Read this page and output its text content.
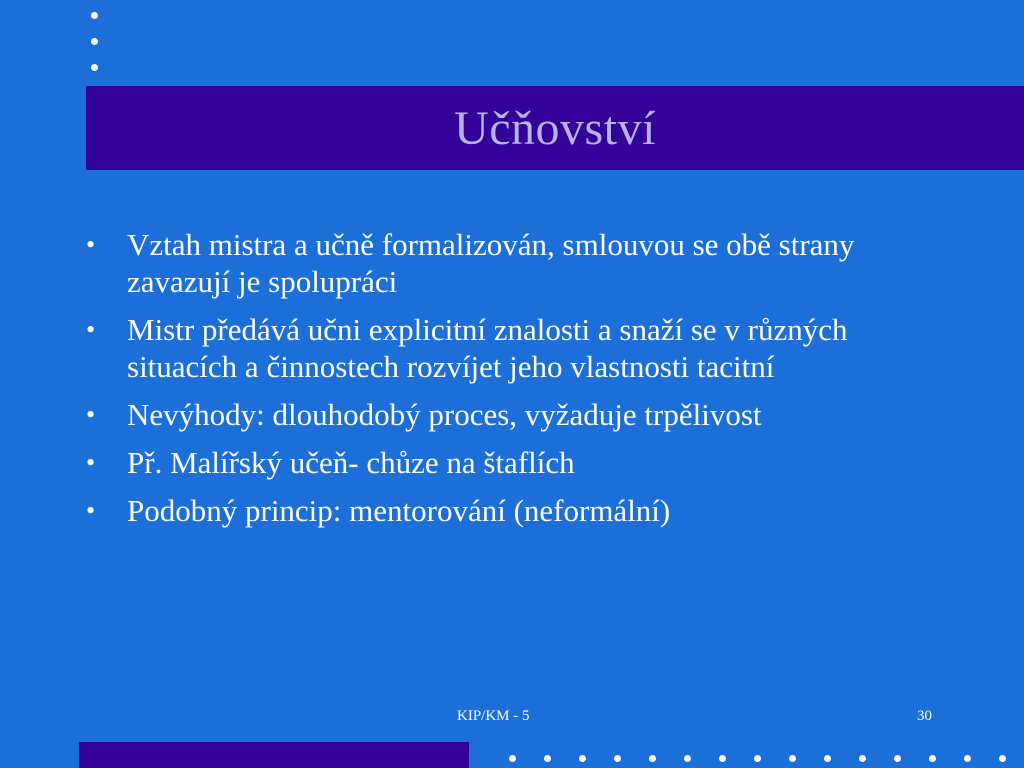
Učňovství
• Vztah mistra a učně formalizován, smlouvou se obě strany zavazují je spolupráci
• Mistr předává učni explicitní znalosti a snaží se v různých situacích a činnostech rozvíjet jeho vlastnosti tacitní
• Nevýhody: dlouhodobý proces, vyžaduje trpělivost
• Př. Malířský učeň- chůze na štaflích
• Podobný princip: mentorování (neformální)
KIP/KM - 5	30
